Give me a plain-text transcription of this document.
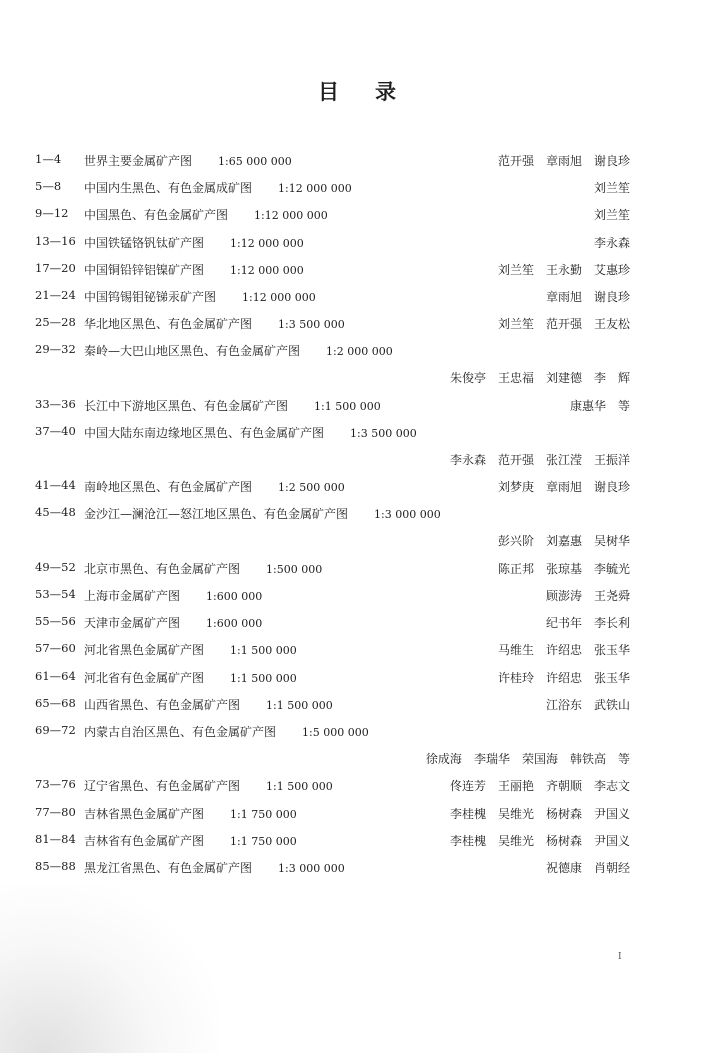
目录
1—4 世界主要金属矿产图 1:65 000 000	范开强 章雨旭 谢良珍
5—8 中国内生黑色、有色金属成矿图 1:12 000 000	刘兰笙
9—12 中国黑色、有色金属矿产图 1:12 000 000	刘兰笙
13—16 中国铁锰铬钒钛矿产图 1:12 000 000	李永森
17—20 中国铜铅锌铝镍矿产图 1:12 000 000	刘兰笙 王永勤 艾惠珍
21—24 中国钨锡钼铋锑汞矿产图 1:12 000 000	章雨旭 谢良珍
25—28 华北地区黑色、有色金属矿产图 1:3 500 000	刘兰笙 范开强 王友松
29—32 秦岭—大巴山地区黑色、有色金属矿产图 1:2 000 000
朱俊亭 王忠福 刘建德 李　辉
33—36 长江中下游地区黑色、有色金属矿产图 1:1 500 000	康惠华 等
37—40 中国大陆东南边缘地区黑色、有色金属矿产图 1:3 500 000
李永森 范开强 张江滢 王振洋
41—44 南岭地区黑色、有色金属矿产图 1:2 500 000	刘梦庚 章雨旭 谢良珍
45—48 金沙江—澜沧江—怒江地区黑色、有色金属矿产图 1:3 000 000
彭兴阶 刘嘉惠 吴树华
49—52 北京市黑色、有色金属矿产图 1:500 000	陈正邦 张琼基 李毓光
53—54 上海市金属矿产图 1:600 000	顾澎涛 王尧舜
55—56 天津市金属矿产图 1:600 000	纪书年 李长利
57—60 河北省黑色金属矿产图 1:1 500 000	马维生 许绍忠 张玉华
61—64 河北省有色金属矿产图 1:1 500 000	许桂玲 许绍忠 张玉华
65—68 山西省黑色、有色金属矿产图 1:1 500 000	江浴东 武铁山
69—72 内蒙古自治区黑色、有色金属矿产图 1:5 000 000
徐成海 李瑞华 荣国海 韩铁高 等
73—76 辽宁省黑色、有色金属矿产图 1:1 500 000	佟连芳 王丽艳 齐朝顺 李志文
77—80 吉林省黑色金属矿产图 1:1 750 000	李桂槐 吴维光 杨树森 尹国义
81—84 吉林省有色金属矿产图 1:1 750 000	李桂槐 吴维光 杨树森 尹国义
85—88 黑龙江省黑色、有色金属矿产图 1:3 000 000	祝德康 肖朝经
I
